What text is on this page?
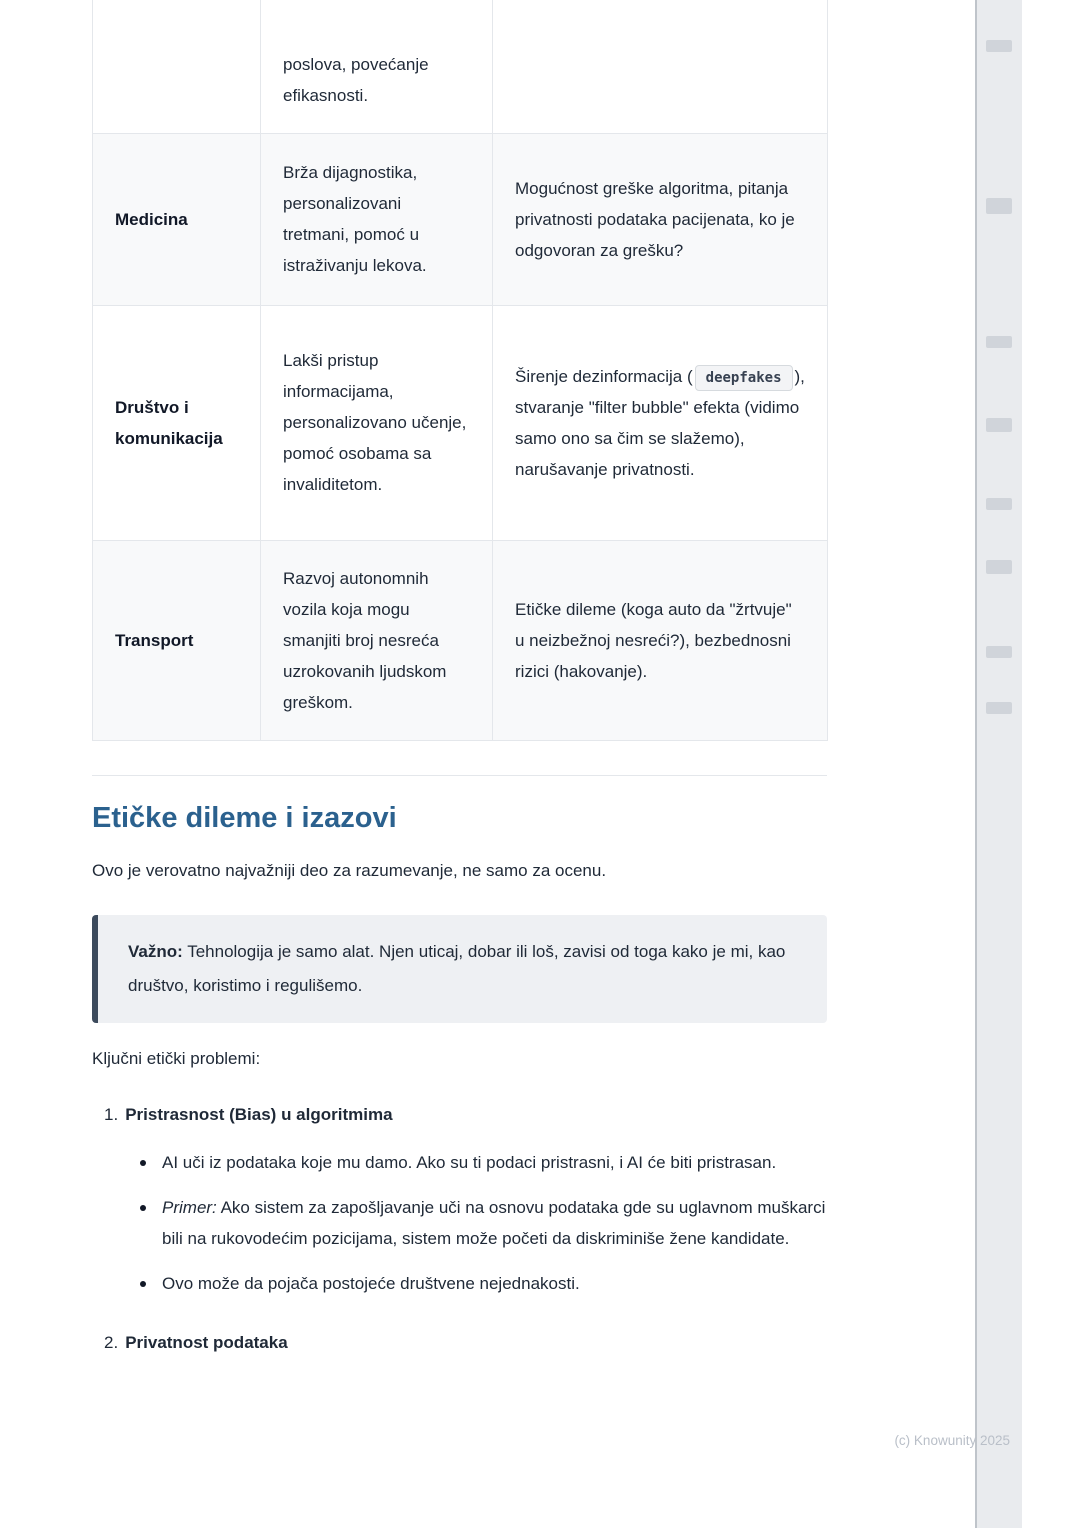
	poslova, povećanje efikasnosti.	
Medicina	Brža dijagnostika, personalizovani tretmani, pomoć u istraživanju lekova.	Mogućnost greške algoritma, pitanja privatnosti podataka pacijenata, ko je odgovoran za grešku?
Društvo i komunikacija	Lakši pristup informacijama, personalizovano učenje, pomoć osobama sa invaliditetom.	Širenje dezinformacija ( deepfakes ), stvaranje "filter bubble" efekta (vidimo samo ono sa čim se slažemo), narušavanje privatnosti.
Transport	Razvoj autonomnih vozila koja mogu smanjiti broj nesreća uzrokovanih ljudskom greškom.	Etičke dileme (koga auto da "žrtvuje" u neizbežnoj nesreći?), bezbednosni rizici (hakovanje).
Etičke dileme i izazovi

Ovo je verovatno najvažniji deo za razumevanje, ne samo za ocenu.

Važno: Tehnologija je samo alat. Njen uticaj, dobar ili loš, zavisi od toga kako je mi, kao društvo, koristimo i regulišemo.

Ključni etički problemi:

1. Pristrasnost (Bias) u algoritmima
AI uči iz podataka koje mu damo. Ako su ti podaci pristrasni, i AI će biti pristrasan.
Primer: Ako sistem za zapošljavanje uči na osnovu podataka gde su uglavnom muškarci bili na rukovodećim pozicijama, sistem može početi da diskriminiše žene kandidate.
Ovo može da pojača postojeće društvene nejednakosti.
2. Privatnost podataka
(c) Knowunity 2025
